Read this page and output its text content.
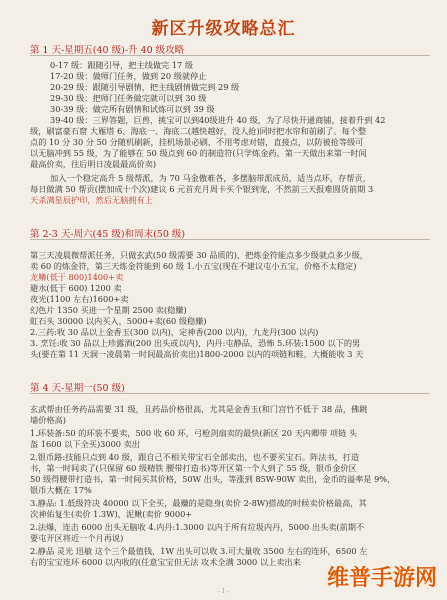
新区升级攻略总汇
第 1 天-星期五(40 级)-升 40 级攻略
0-17 级：跟随引导，把主线做完 17 级
17-20 级：做师门任务，做到 20 级就停止
20-29 级：跟随引导剧情，把主线剧情做完到 29 级
29-30 级：把师门任务做完就可以到 30 级
30-39 级：做完所有剧情和试炼可以到 39 级
39-40 级：三界答题，巨兽，挑宝可以到40级进升 40 级，为了尽快开通商铺，接着升到 42
级，刷富豪石窟 大雁塔 6、海底一、海底二(越快越好，没人抢)同时把水帘和前刷了。每个整
点的 10 分 30 分 50 分随机刷新，挂机场景必刷，不用考虑对错，直接点，以防被抢等级可
以无脑冲到 55 级，为了能够在 50 级点到 60 的制造符(只学炼金药，第一天做出来第一时间
最高价卖，往后明日凌晨最高价卖)
加入一个稳定高升 5 级帮派，为 70 马金傲难各，多摆脑带派成员，适当点环，存帮贡，
每日做满 50 帮贡(摆加成十个次)建议 6 元首充月周卡买个银到宠，不然前三天报难圆货前期 3
天杀满星辰护印，然后无脑拥有上
第 2-3 天-周六(45 级)和周末(50 级)
第三天凌晨微帮派任务，只做玄武(50 级需要 30 品质的)，把炼金符能点多少级就点多少级，
卖 60 的炼金符，第三天炼金符能到 60 级 1.小五宝(现在不建议屯小五宝，价格不太稳定)
龙鳞(低于 800)1400+卖
避水(低于 600) 1200 卖
夜光(1100 左右)1600+卖
幻色片 1350 买进一个星期 2500 卖(稳赚)
虹石头 30000 以内买入，5000+卖(60 级稳赚)
2.三药:收 30 品以上金香玉(300 以内)，定神香(200 以内)，九龙丹(300 以内)
3. 烹饪:收 30 品以上珍露酒(200 出头或以内)，内丹:屯静品，恐怖 5.环装:1500 以下的男
头(要在第 11 天洞一凌晨第一时间最高价卖出)1800-2000 以内的项链和鞋，大概能收 3 天
第 4 天-星期一(50 级)
玄武帮由任务药品需要 31 级，且药品价格很高，尤其是金香玉(和门宫竹不低于 38 品，佛跳
墙价格高)
1.环装备:50 的环装不要卖，500 收 60 环，弓枪剑扇卖的最快(新区 20 天内卿带 项链 头
盔 1600 以下全买)3000 卖出
2.银币路:技能只点到 40 级，跟自己不相关带宝石全部卖出，也不要买宝石。阵法书，打造
书，第一时间卖了(只保留 60 级精铁 腰带打造书)等开区第一个人到了 55 级，银币金价区
50 级得腰带打造书，第一时间买其价格，50W 出头，等涨到 85W-90W 卖出，金币的溢率是 9%，
银币大概在 17%
3.静品: 1.低级符决 40000 以下全买，最赚的是隐身(卖价 2-8W)搭战的时候卖价格最高，其
次神佑复生(卖价 1.3W)，泥鳅(卖价 9000+
2.法爆，连击 6000 出头无脑收 4.内丹:1.3000 以内于所有垃圾内丹，5000 出头卖(前期不
要屯开区将近一个月再说)
2.静品 灵光 迅敏 这个三个最值钱，1W 出头可以收 3.可大量收 3500 左右的连环，6500 左
右的宝宝连环 6000 以内收的(任意宝宝但无法 攻术全满 3000 以上卖出来
- 1 -
维普手游网
